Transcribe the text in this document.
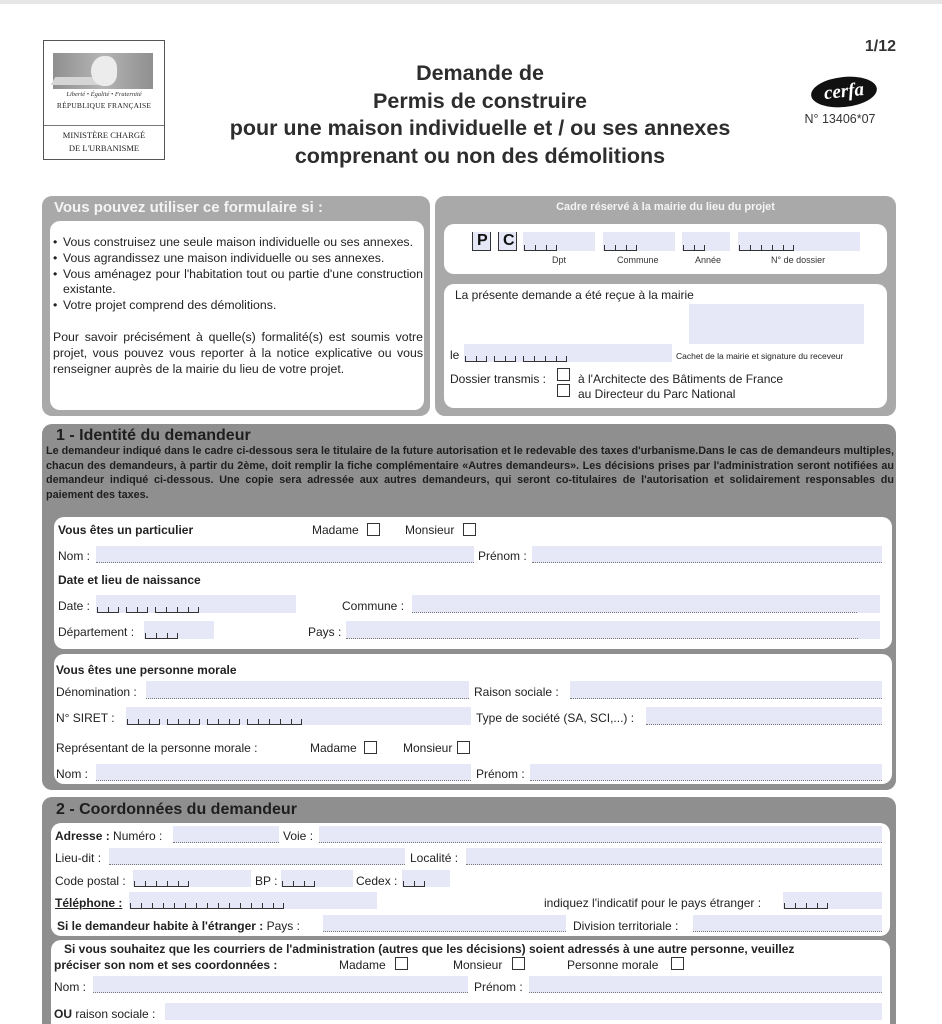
Liberté • Égalité • Fraternité
RÉPUBLIQUE FRANÇAISE
MINISTÈRE CHARGÉ
DE L'URBANISME
Demande de
Permis de construire
pour une maison individuelle et / ou ses annexes
comprenant ou non des démolitions
1/12
cerfa
N° 13406*07
Vous pouvez utiliser ce formulaire si :
• Vous construisez une seule maison individuelle ou ses annexes.
• Vous agrandissez une maison individuelle ou ses annexes.
• Vous aménagez pour l'habitation tout ou partie d'une construction existante.
• Votre projet comprend des démolitions.
Pour savoir précisément à quelle(s) formalité(s) est soumis votre projet, vous pouvez vous reporter à la notice explicative ou vous renseigner auprès de la mairie du lieu de votre projet.
Cadre réservé à la mairie du lieu du projet
P C
Dpt	Commune	Année	N° de dossier
La présente demande a été reçue à la mairie
le	Cachet de la mairie et signature du receveur
Dossier transmis :	à l'Architecte des Bâtiments de France
au Directeur du Parc National
1 - Identité du demandeur
Le demandeur indiqué dans le cadre ci-dessous sera le titulaire de la future autorisation et le redevable des taxes d'urbanisme.Dans le cas de demandeurs multiples, chacun des demandeurs, à partir du 2ème, doit remplir la fiche complémentaire «Autres demandeurs». Les décisions prises par l'administration seront notifiées au demandeur indiqué ci-dessous. Une copie sera adressée aux autres demandeurs, qui seront co-titulaires de l'autorisation et solidairement responsables du paiement des taxes.
Vous êtes un particulier	Madame	Monsieur
Nom :	Prénom :
Date et lieu de naissance
Date :	Commune :
Département :	Pays :
Vous êtes une personne morale
Dénomination :	Raison sociale :
N° SIRET :	Type de société (SA, SCI,...) :
Représentant de la personne morale :	Madame	Monsieur
Nom :	Prénom :
2 - Coordonnées du demandeur
Adresse : Numéro :	Voie :
Lieu-dit :	Localité :
Code postal :	BP :	Cedex :
Téléphone :	indiquez l'indicatif pour le pays étranger :
Si le demandeur habite à l'étranger : Pays :	Division territoriale :
Si vous souhaitez que les courriers de l'administration (autres que les décisions) soient adressés à une autre personne, veuillez
préciser son nom et ses coordonnées :	Madame	Monsieur	Personne morale
Nom :	Prénom :
OU raison sociale :
